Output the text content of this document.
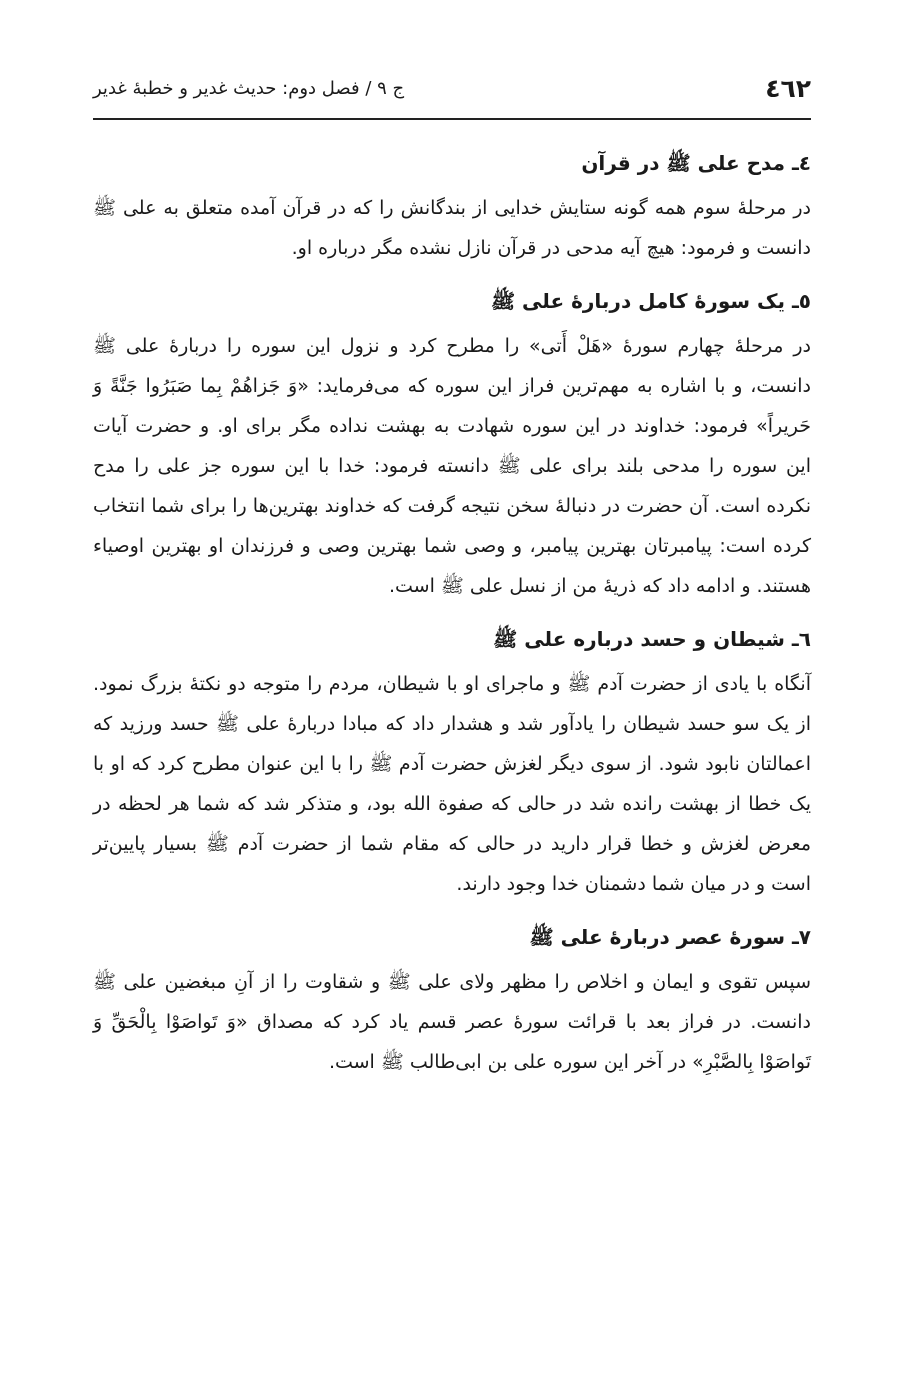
٤٦٢
ج ٩ / فصل دوم: حدیث غدیر و خطبهٔ غدیر
٤ـ مدح علی ﷺ در قرآن

در مرحلهٔ سوم همه گونه ستایش خدایی از بندگانش را که در قرآن آمده متعلق به علی ﷺ دانست و فرمود: هیچ آیه مدحی در قرآن نازل نشده مگر درباره او.

٥ـ یک سورهٔ کامل دربارهٔ علی ﷺ

در مرحلهٔ چهارم سورهٔ «هَلْ أَتی» را مطرح کرد و نزول این سوره را دربارهٔ علی ﷺ دانست، و با اشاره به مهم‌ترین فراز این سوره که می‌فرماید: «وَ جَزاهُمْ بِما صَبَرُوا جَنَّةً وَ حَریراً» فرمود: خداوند در این سوره شهادت به بهشت نداده مگر برای او. و حضرت آیات این سوره را مدحی بلند برای علی ﷺ دانسته فرمود: خدا با این سوره جز علی را مدح نکرده است. آن حضرت در دنبالهٔ سخن نتیجه گرفت که خداوند بهترین‌ها را برای شما انتخاب کرده است: پیامبرتان بهترین پیامبر، و وصی شما بهترین وصی و فرزندان او بهترین اوصیاء هستند. و ادامه داد که ذریهٔ من از نسل علی ﷺ است.

٦ـ شیطان و حسد درباره علی ﷺ

آنگاه با یادی از حضرت آدم ﷺ و ماجرای او با شیطان، مردم را متوجه دو نکتهٔ بزرگ نمود. از یک سو حسد شیطان را یادآور شد و هشدار داد که مبادا دربارهٔ علی ﷺ حسد ورزید که اعمالتان نابود شود. از سوی دیگر لغزش حضرت آدم ﷺ را با این عنوان مطرح کرد که او با یک خطا از بهشت رانده شد در حالی که صفوة الله بود، و متذکر شد که شما هر لحظه در معرض لغزش و خطا قرار دارید در حالی که مقام شما از حضرت آدم ﷺ بسیار پایین‌تر است و در میان شما دشمنان خدا وجود دارند.

٧ـ سورهٔ عصر دربارهٔ علی ﷺ

سپس تقوی و ایمان و اخلاص را مظهر ولای علی ﷺ و شقاوت را از آنِ مبغضین علی ﷺ دانست. در فراز بعد با قرائت سورهٔ عصر قسم یاد کرد که مصداق «وَ تَواصَوْا بِالْحَقِّ وَ تَواصَوْا بِالصَّبْرِ» در آخر این سوره علی بن ابی‌طالب ﷺ است.
